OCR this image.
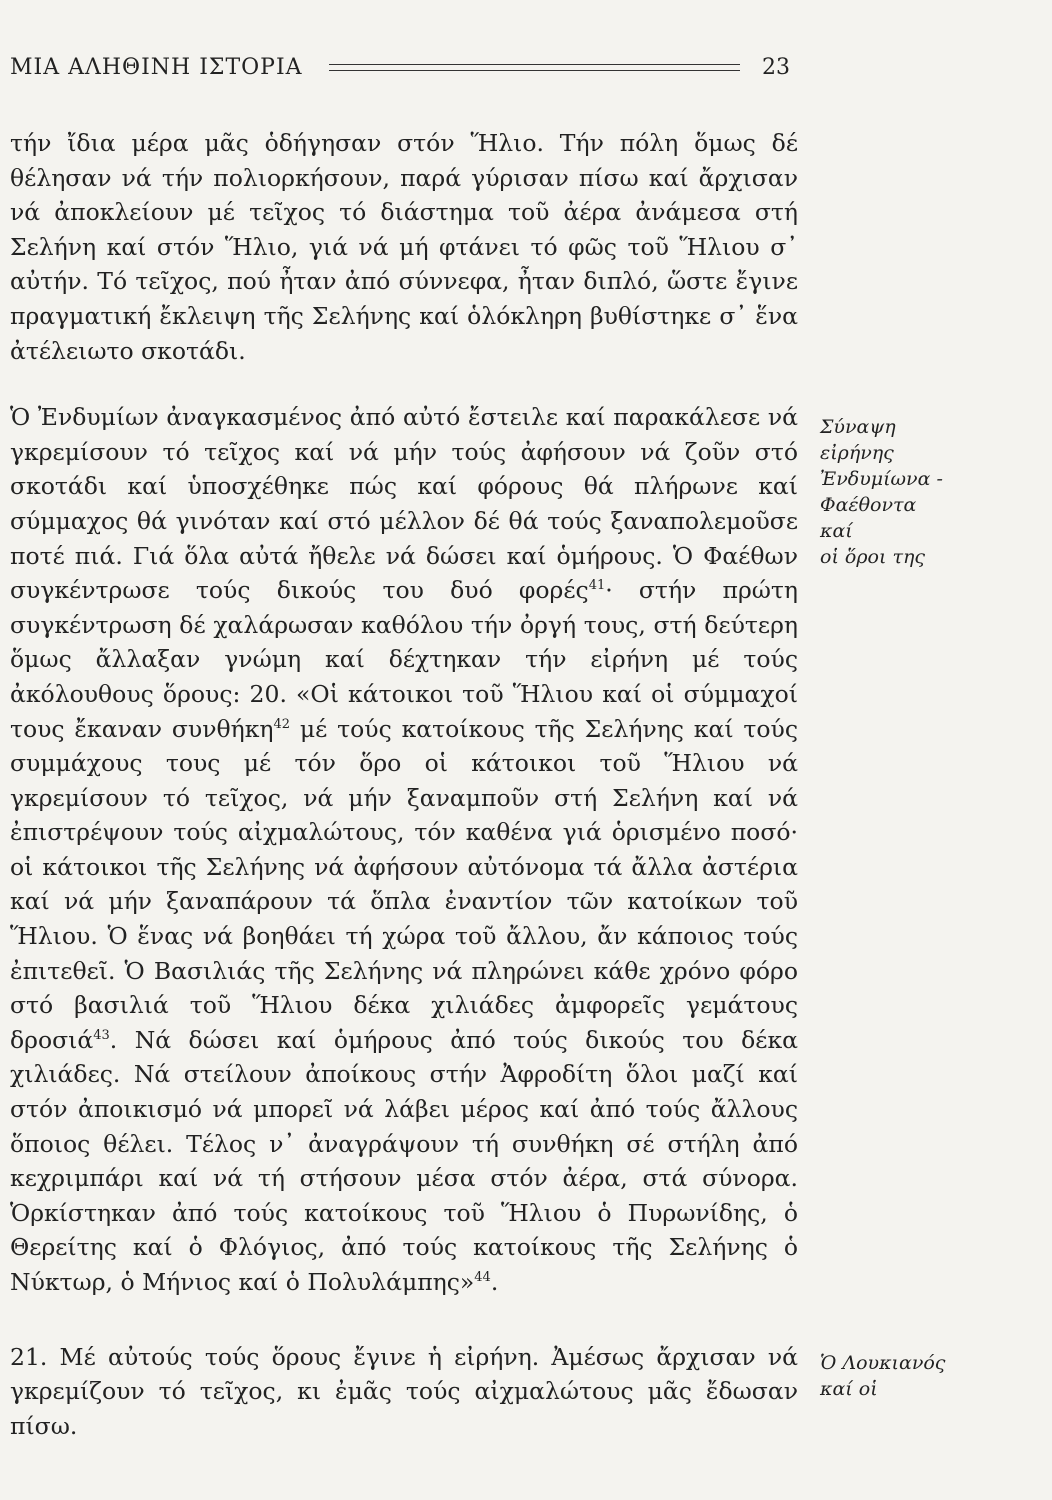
ΜΙΑ ΑΛΗΘΙΝΗ ΙΣΤΟΡΙΑ	23

τήν ἴδια μέρα μᾶς ὁδήγησαν στόν Ἥλιο. Τήν πόλη ὅμως δέ θέλησαν νά τήν πολιορκήσουν, παρά γύρισαν πίσω καί ἄρχισαν νά ἀποκλείουν μέ τεῖχος τό διάστημα τοῦ ἀέρα ἀνάμεσα στή Σελήνη καί στόν Ἥλιο, γιά νά μή φτάνει τό φῶς τοῦ Ἥλιου σ᾽ αὐτήν. Τό τεῖχος, πού ἦταν ἀπό σύννεφα, ἦταν διπλό, ὥστε ἔγινε πραγματική ἔκλειψη τῆς Σελήνης καί ὁλόκληρη βυθίστηκε σ᾽ ἕνα ἀτέλειωτο σκοτάδι.

Ὁ Ἐνδυμίων ἀναγκασμένος ἀπό αὐτό ἔστειλε καί παρακάλεσε νά γκρεμίσουν τό τεῖχος καί νά μήν τούς ἀφήσουν νά ζοῦν στό σκοτάδι καί ὑποσχέθηκε πώς καί φόρους θά πλήρωνε καί σύμμαχος θά γινόταν καί στό μέλλον δέ θά τούς ξαναπολεμοῦσε ποτέ πιά. Γιά ὅλα αὐτά ἤθελε νά δώσει καί ὁμήρους. Ὁ Φαέθων συγκέντρωσε τούς δικούς του δυό φορές$^{41}$· στήν πρώτη συγκέντρωση δέ χαλάρωσαν καθόλου τήν ὀργή τους, στή δεύτερη ὅμως ἄλλαξαν γνώμη καί δέχτηκαν τήν εἰρήνη μέ τούς ἀκόλουθους ὅρους: 20. «Οἱ κάτοικοι τοῦ Ἥλιου καί οἱ σύμμαχοί τους ἔκαναν συνθήκη$^{42}$ μέ τούς κατοίκους τῆς Σελήνης καί τούς συμμάχους τους μέ τόν ὅρο οἱ κάτοικοι τοῦ Ἥλιου νά γκρεμίσουν τό τεῖχος, νά μήν ξαναμποῦν στή Σελήνη καί νά ἐπιστρέψουν τούς αἰχμαλώτους, τόν καθένα γιά ὁρισμένο ποσό· οἱ κάτοικοι τῆς Σελήνης νά ἀφήσουν αὐτόνομα τά ἄλλα ἀστέρια καί νά μήν ξαναπάρουν τά ὅπλα ἐναντίον τῶν κατοίκων τοῦ Ἥλιου. Ὁ ἕνας νά βοηθάει τή χώρα τοῦ ἄλλου, ἄν κάποιος τούς ἐπιτεθεῖ. Ὁ Βασιλιάς τῆς Σελήνης νά πληρώνει κάθε χρόνο φόρο στό βασιλιά τοῦ Ἥλιου δέκα χιλιάδες ἀμφορεῖς γεμάτους δροσιά$^{43}$. Νά δώσει καί ὁμήρους ἀπό τούς δικούς του δέκα χιλιάδες. Νά στείλουν ἀποίκους στήν Ἀφροδίτη ὅλοι μαζί καί στόν ἀποικισμό νά μπορεῖ νά λάβει μέρος καί ἀπό τούς ἄλλους ὅποιος θέλει. Τέλος ν᾽ ἀναγράψουν τή συνθήκη σέ στήλη ἀπό κεχριμπάρι καί νά τή στήσουν μέσα στόν ἀέρα, στά σύνορα. Ὁρκίστηκαν ἀπό τούς κατοίκους τοῦ Ἥλιου ὁ Πυρωνίδης, ὁ Θερείτης καί ὁ Φλόγιος, ἀπό τούς κατοίκους τῆς Σελήνης ὁ Νύκτωρ, ὁ Μήνιος καί ὁ Πολυλάμπης»$^{44}$.

21. Μέ αὐτούς τούς ὅρους ἔγινε ἡ εἰρήνη. Ἀμέσως ἄρχισαν νά γκρεμίζουν τό τεῖχος, κι ἐμᾶς τούς αἰχμαλώτους μᾶς ἔδωσαν πίσω.

Σύναψη
εἰρήνης
Ἐνδυμίωνα -
Φαέθοντα
καί
οἱ ὅροι της
Ὁ Λουκιανός
καί οἱ
